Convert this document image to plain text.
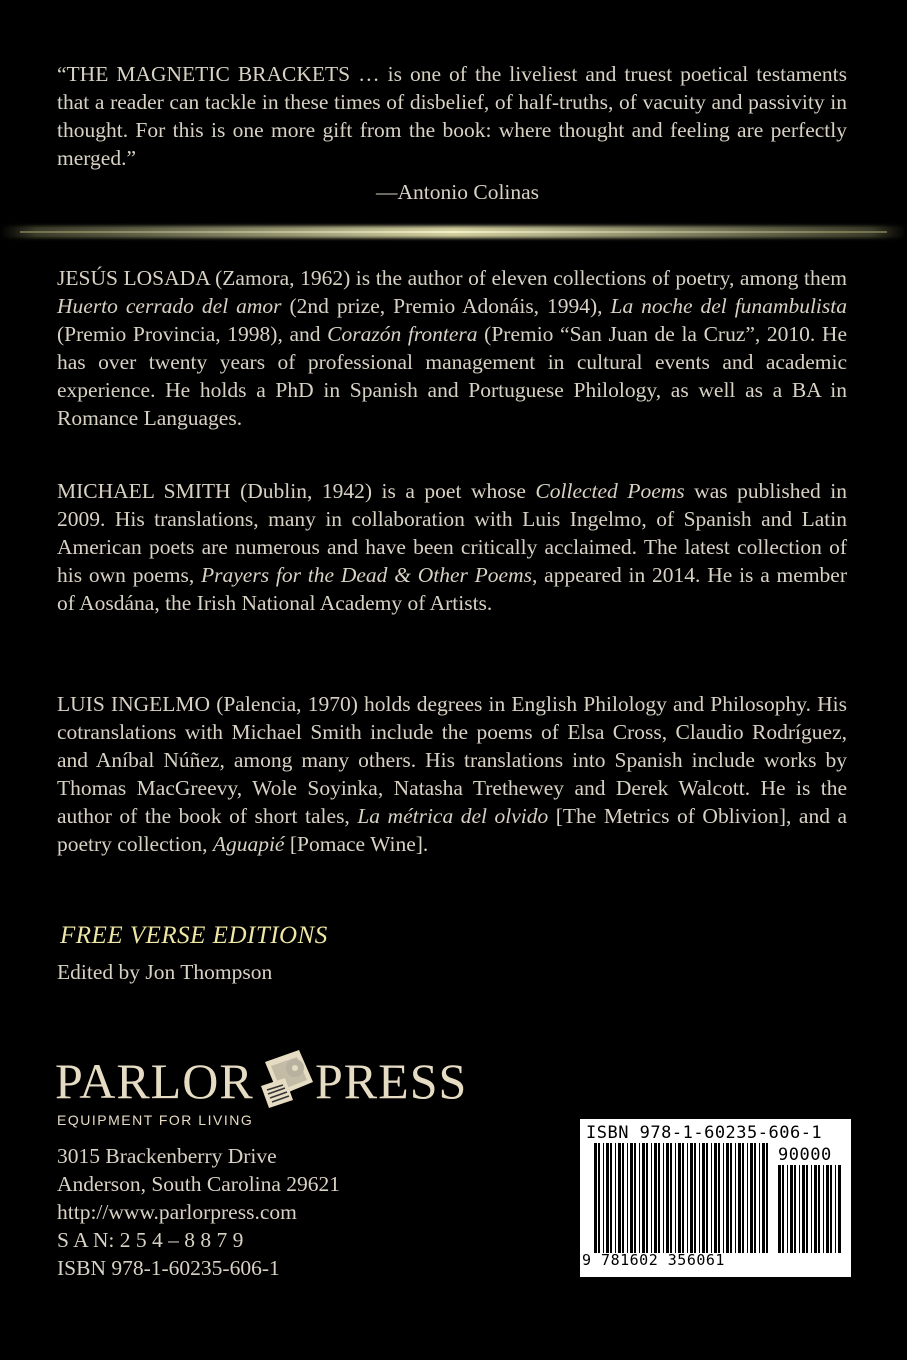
“THE MAGNETIC BRACKETS … is one of the liveliest and truest poetical testaments that a reader can tackle in these times of disbelief, of half-truths, of vacuity and passivity in thought. For this is one more gift from the book: where thought and feeling are perfectly merged.”

—Antonio Colinas

JESÚS LOSADA (Zamora, 1962) is the author of eleven collections of poetry, among them Huerto cerrado del amor (2nd prize, Premio Adonáis, 1994), La noche del funambulista (Premio Provincia, 1998), and Corazón frontera (Premio “San Juan de la Cruz”, 2010. He has over twenty years of professional management in cultural events and academic experience. He holds a PhD in Spanish and Portuguese Philology, as well as a BA in Romance Languages.

MICHAEL SMITH (Dublin, 1942) is a poet whose Collected Poems was published in 2009. His translations, many in collaboration with Luis Ingelmo, of Spanish and Latin American poets are numerous and have been critically acclaimed. The latest collection of his own poems, Prayers for the Dead & Other Poems, appeared in 2014. He is a member of Aosdána, the Irish National Academy of Artists.

LUIS INGELMO (Palencia, 1970) holds degrees in English Philology and Philosophy. His cotranslations with Michael Smith include the poems of Elsa Cross, Claudio Rodríguez, and Aníbal Núñez, among many others. His translations into Spanish include works by Thomas MacGreevy, Wole Soyinka, Natasha Trethewey and Derek Walcott. He is the author of the book of short tales, La métrica del olvido [The Metrics of Oblivion], and a poetry collection, Aguapié [Pomace Wine].

FREE VERSE EDITIONS
Edited by Jon Thompson
PARLOR PRESS
EQUIPMENT FOR LIVING
3015 Brackenberry Drive
Anderson, South Carolina 29621
http://www.parlorpress.com
S A N: 2 5 4 – 8 8 7 9
ISBN 978-1-60235-606-1
ISBN 978-1-60235-606-1
90000
9 781602 356061
